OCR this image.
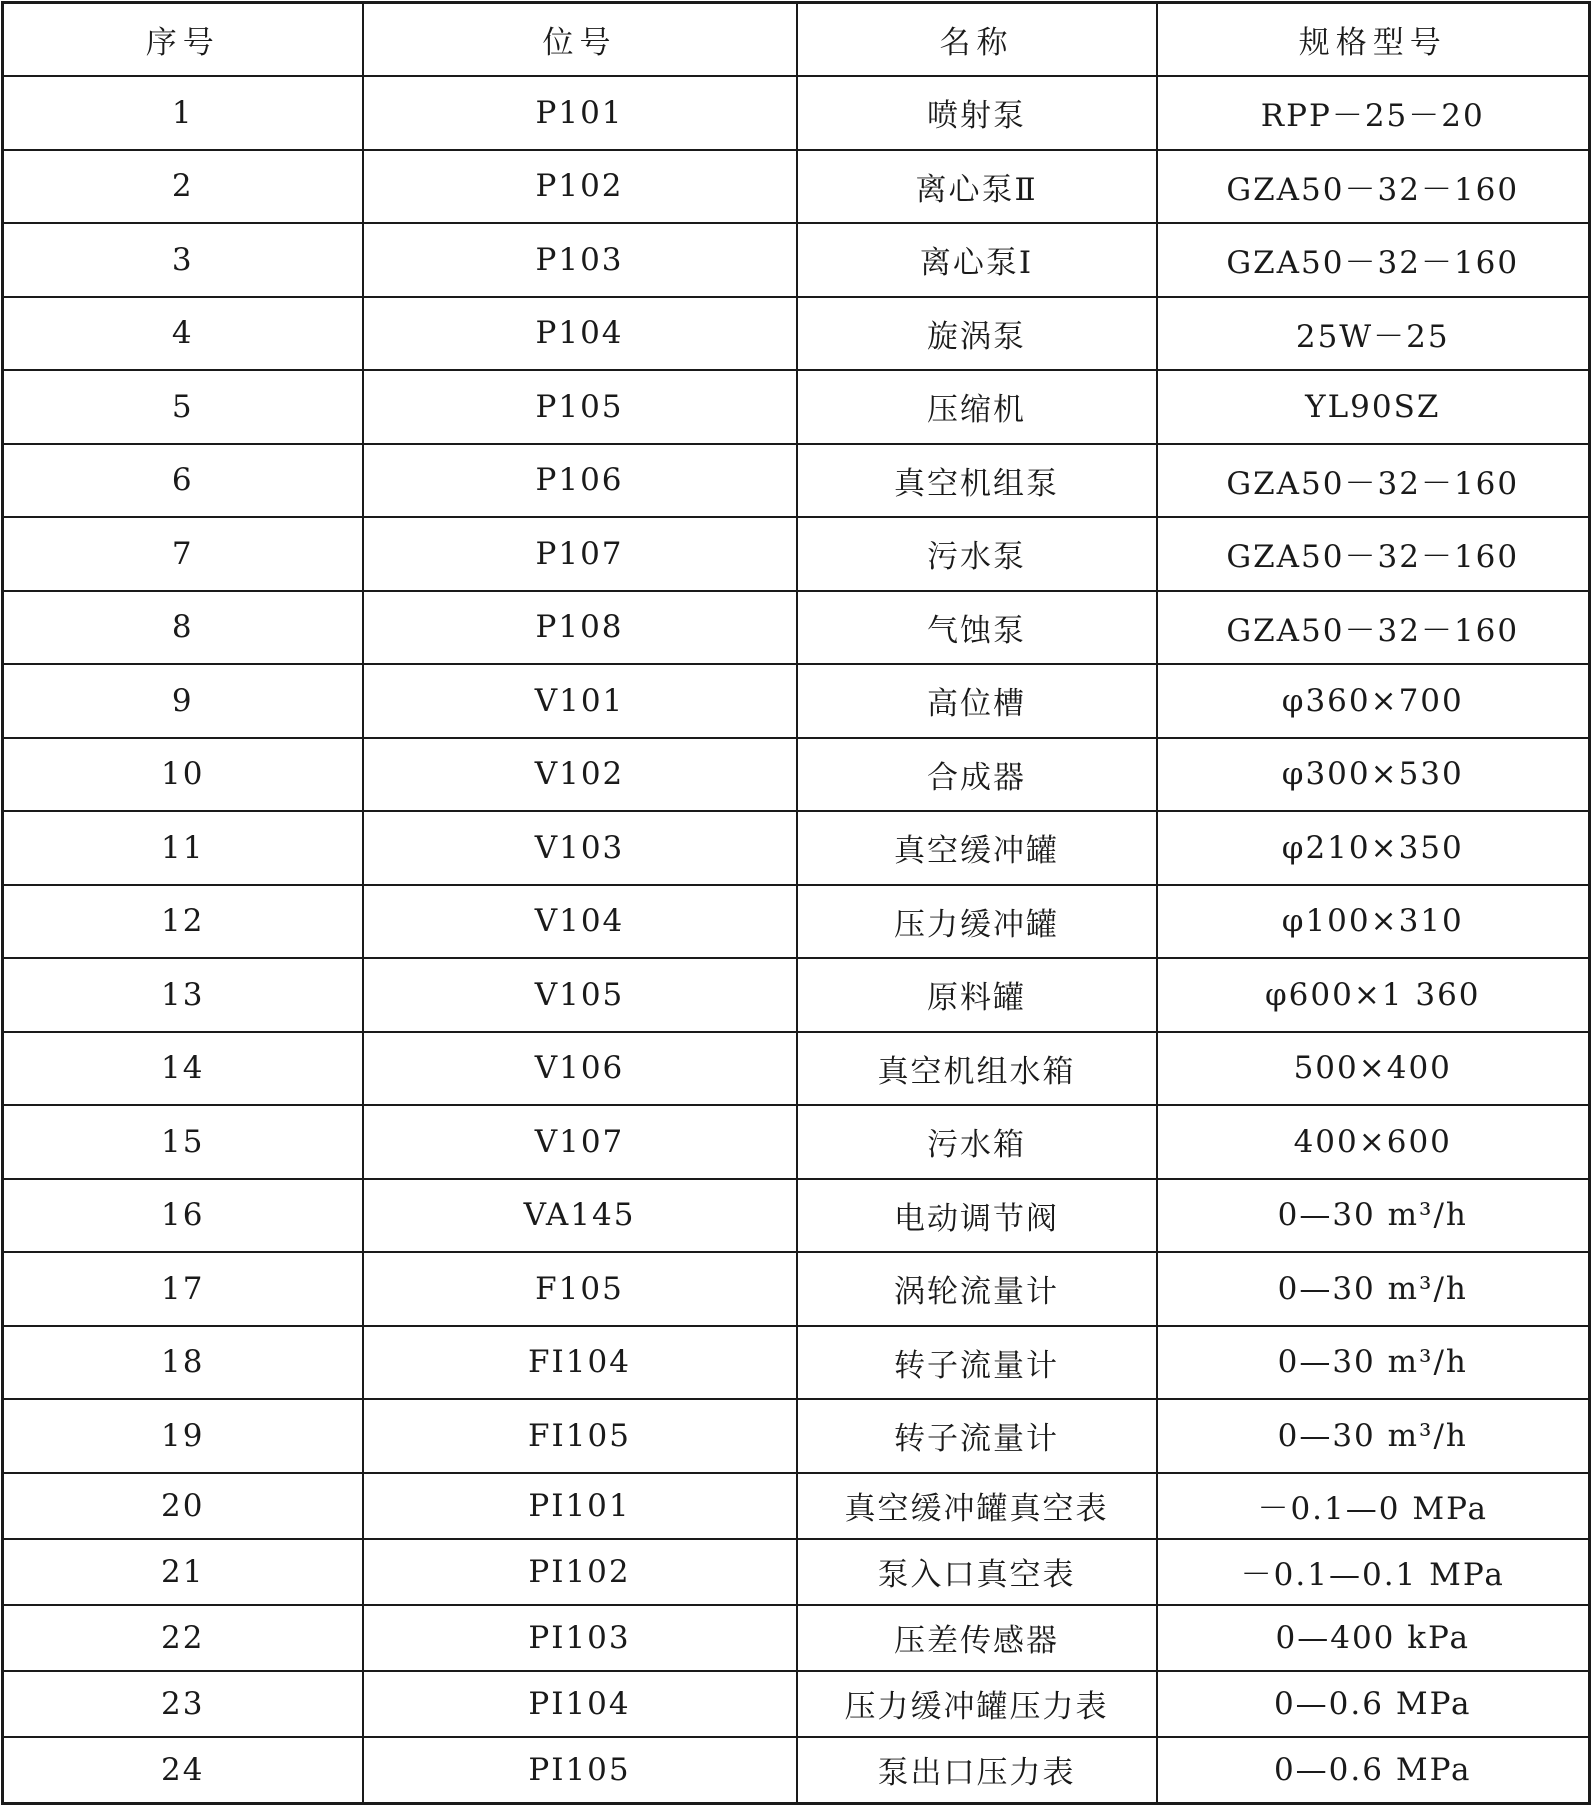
序号	位号	名称	规格型号
1	P101	喷射泵	RPP－25－20
2	P102	离心泵Ⅱ	GZA50－32－160
3	P103	离心泵Ⅰ	GZA50－32－160
4	P104	旋涡泵	25W－25
5	P105	压缩机	YL90SZ
6	P106	真空机组泵	GZA50－32－160
7	P107	污水泵	GZA50－32－160
8	P108	气蚀泵	GZA50－32－160
9	V101	高位槽	φ360×700
10	V102	合成器	φ300×530
11	V103	真空缓冲罐	φ210×350
12	V104	压力缓冲罐	φ100×310
13	V105	原料罐	φ600×1 360
14	V106	真空机组水箱	500×400
15	V107	污水箱	400×600
16	VA145	电动调节阀	0—30 m³/h
17	F105	涡轮流量计	0—30 m³/h
18	FI104	转子流量计	0—30 m³/h
19	FI105	转子流量计	0—30 m³/h
20	PI101	真空缓冲罐真空表	－0.1—0 MPa
21	PI102	泵入口真空表	－0.1—0.1 MPa
22	PI103	压差传感器	0—400 kPa
23	PI104	压力缓冲罐压力表	0—0.6 MPa
24	PI105	泵出口压力表	0—0.6 MPa
